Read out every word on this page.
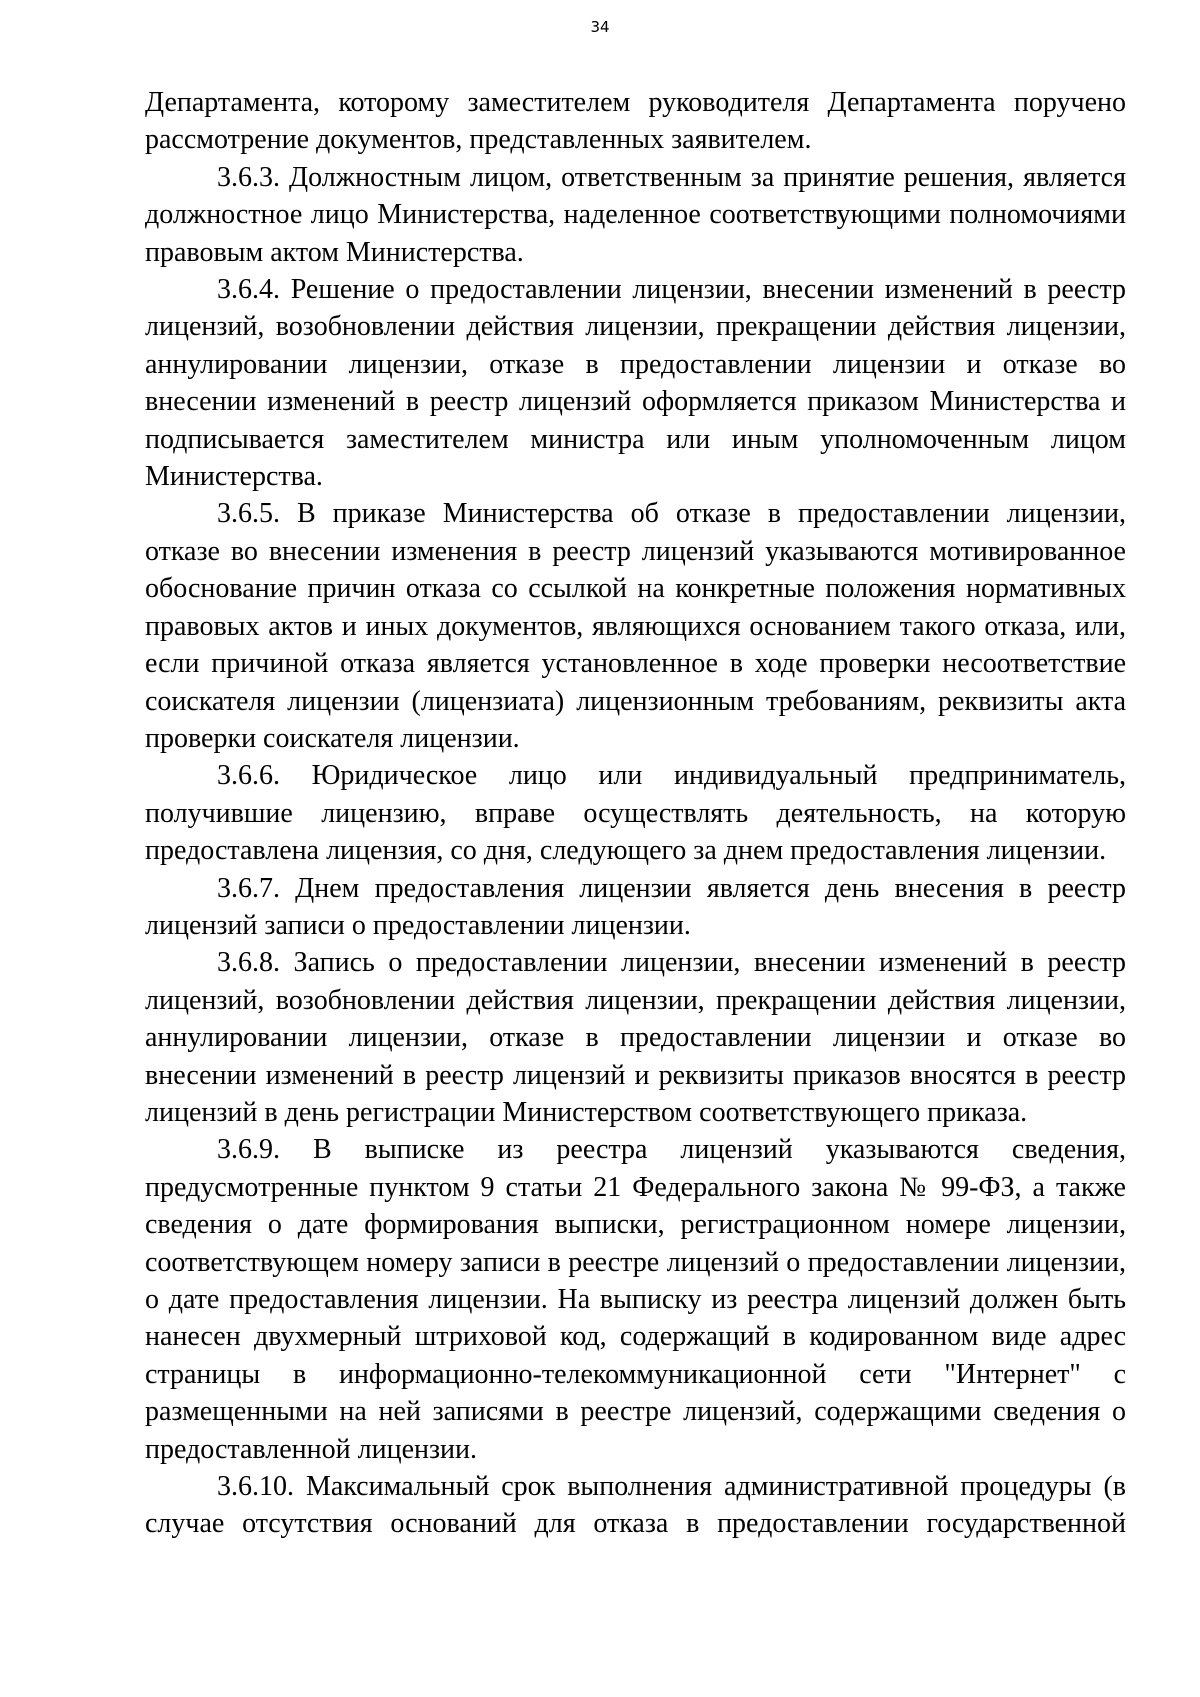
34

Департамента, которому заместителем руководителя Департамента поручено рассмотрение документов, представленных заявителем.

3.6.3. Должностным лицом, ответственным за принятие решения, является должностное лицо Министерства, наделенное соответствующими полномочиями правовым актом Министерства.

3.6.4. Решение о предоставлении лицензии, внесении изменений в реестр лицензий, возобновлении действия лицензии, прекращении действия лицензии, аннулировании лицензии, отказе в предоставлении лицензии и отказе во внесении изменений в реестр лицензий оформляется приказом Министерства и подписывается заместителем министра или иным уполномоченным лицом Министерства.

3.6.5. В приказе Министерства об отказе в предоставлении лицензии, отказе во внесении изменения в реестр лицензий указываются мотивированное обоснование причин отказа со ссылкой на конкретные положения нормативных правовых актов и иных документов, являющихся основанием такого отказа, или, если причиной отказа является установленное в ходе проверки несоответствие соискателя лицензии (лицензиата) лицензионным требованиям, реквизиты акта проверки соискателя лицензии.

3.6.6. Юридическое лицо или индивидуальный предприниматель, получившие лицензию, вправе осуществлять деятельность, на которую предоставлена лицензия, со дня, следующего за днем предоставления лицензии.

3.6.7. Днем предоставления лицензии является день внесения в реестр лицензий записи о предоставлении лицензии.

3.6.8. Запись о предоставлении лицензии, внесении изменений в реестр лицензий, возобновлении действия лицензии, прекращении действия лицензии, аннулировании лицензии, отказе в предоставлении лицензии и отказе во внесении изменений в реестр лицензий и реквизиты приказов вносятся в реестр лицензий в день регистрации Министерством соответствующего приказа.

3.6.9. В выписке из реестра лицензий указываются сведения, предусмотренные пунктом 9 статьи 21 Федерального закона № 99-ФЗ, а также сведения о дате формирования выписки, регистрационном номере лицензии, соответствующем номеру записи в реестре лицензий о предоставлении лицензии, о дате предоставления лицензии. На выписку из реестра лицензий должен быть нанесен двухмерный штриховой код, содержащий в кодированном виде адрес страницы в информационно-телекоммуникационной сети "Интернет" с размещенными на ней записями в реестре лицензий, содержащими сведения о предоставленной лицензии.

3.6.10. Максимальный срок выполнения административной процедуры (в случае отсутствия оснований для отказа в предоставлении государственной
